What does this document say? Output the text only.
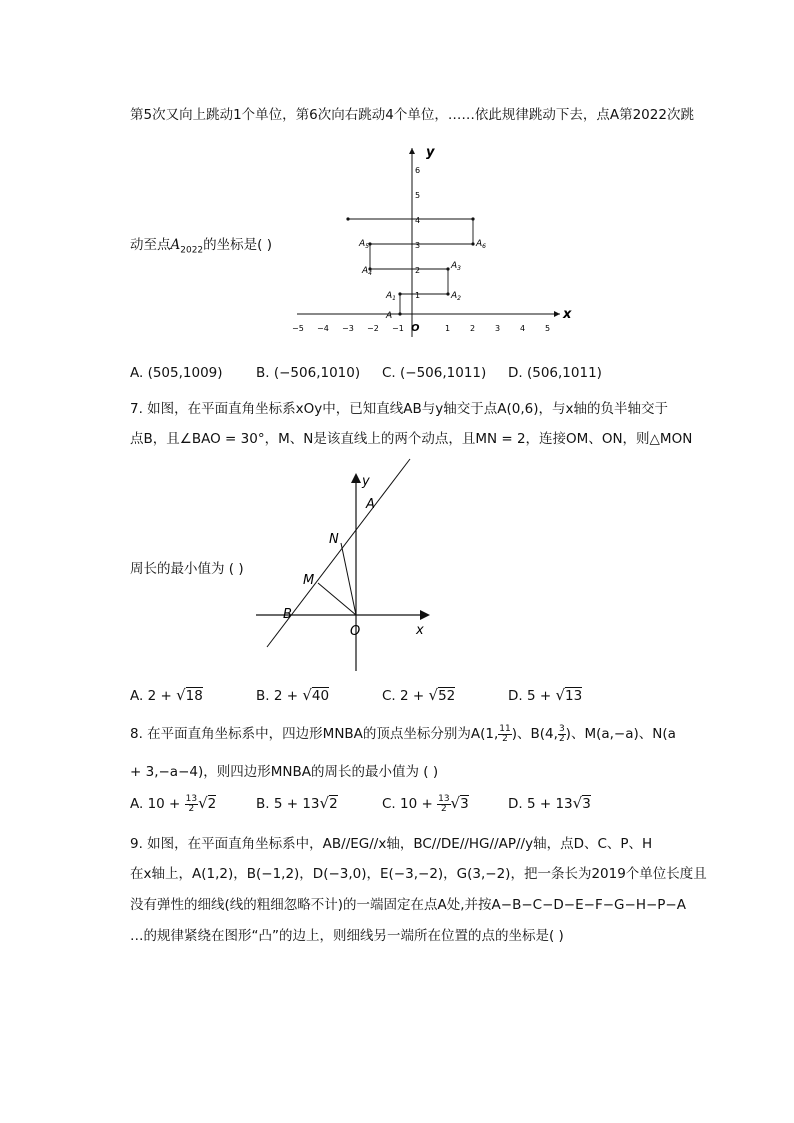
第5次又向上跳动1个单位，第6次向右跳动4个单位，……依此规律跳动下去，点A第2022次跳
x
y
O
−5 −4 −3 −2 −1	1 2 3 4 5
1
2
3
4
5
6
A
$A_1$	$A_2$
$A_3$
$A_4$
$A_5$	$A_6$
动至点$A_{2022}$的坐标是( )
A. (505,1009) B. (−506,1010) C. (−506,1011) D. (506,1011)
7. 如图，在平面直角坐标系xOy中，已知直线AB与y轴交于点A(0,6)，与x轴的负半轴交于
点B，且∠BAO = 30°，M、N是该直线上的两个动点，且MN = 2，连接OM、ON，则△MON
y
A
N
M
B
O	x
周长的最小值为 ( )
A. 2 + √18	B. 2 + √40	C. 2 + √52	D. 5 + √13
8. 在平面直角坐标系中，四边形MNBA的顶点坐标分别为A(1, $\frac{11}{2}$ )、B(4, $\frac{3}{2}$ )、M(a,−a)、N(a
+ 3,−a−4)，则四边形MNBA的周长的最小值为 ( )
A. $10 + \frac{13}{2} √2$	B. 5 + 13√2	C. $10 + \frac{13}{2} √3$	D. 5 + 13√3
9. 如图，在平面直角坐标系中，AB//EG//x轴，BC//DE//HG//AP//y轴，点D、C、P、H
在x轴上，A(1,2)，B(−1,2)，D(−3,0)，E(−3,−2)，G(3,−2)，把一条长为2019个单位长度且
没有弹性的细线(线的粗细忽略不计)的一端固定在点A处,并按A−B−C−D−E−F−G−H−P−A
…的规律紧绕在图形“凸”的边上，则细线另一端所在位置的点的坐标是( )
